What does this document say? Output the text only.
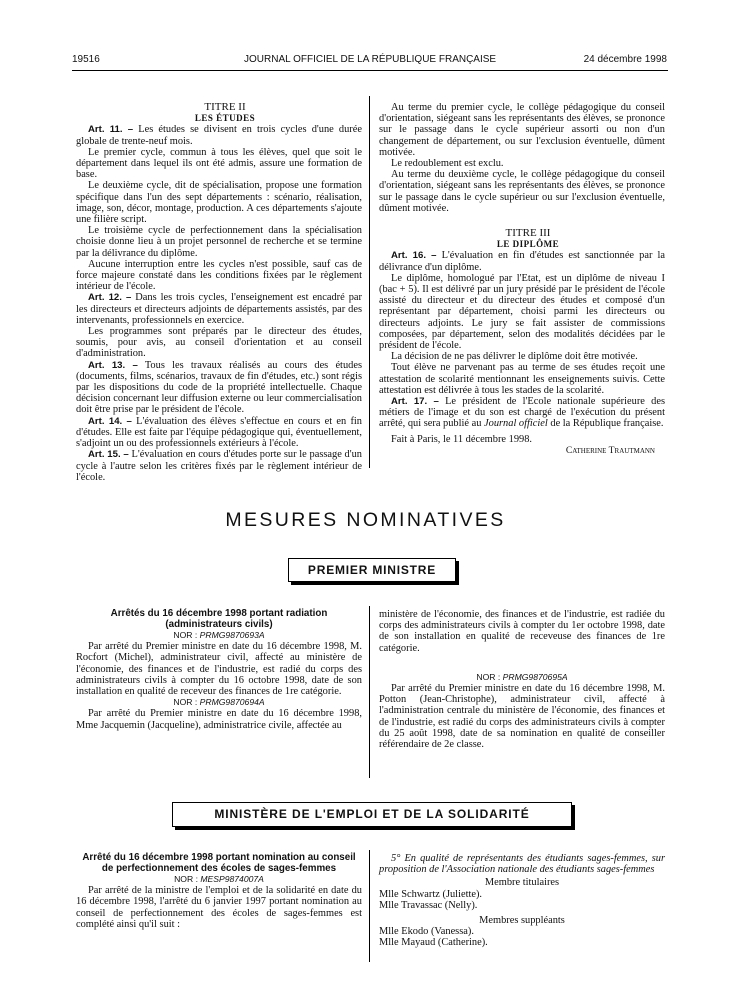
19516	JOURNAL OFFICIEL DE LA RÉPUBLIQUE FRANÇAISE	24 décembre 1998

TITRE II

LES ÉTUDES

Art. 11. – Les études se divisent en trois cycles d'une durée globale de trente-neuf mois.

Le premier cycle, commun à tous les élèves, quel que soit le département dans lequel ils ont été admis, assure une formation de base.

Le deuxième cycle, dit de spécialisation, propose une formation spécifique dans l'un des sept départements : scénario, réalisation, image, son, décor, montage, production. A ces départements s'ajoute une filière script.

Le troisième cycle de perfectionnement dans la spécialisation choisie donne lieu à un projet personnel de recherche et se termine par la délivrance du diplôme.

Aucune interruption entre les cycles n'est possible, sauf cas de force majeure constaté dans les conditions fixées par le règlement intérieur de l'école.

Art. 12. – Dans les trois cycles, l'enseignement est encadré par les directeurs et directeurs adjoints de départements assistés, par des intervenants, professionnels en exercice.

Les programmes sont préparés par le directeur des études, soumis, pour avis, au conseil d'orientation et au conseil d'administration.

Art. 13. – Tous les travaux réalisés au cours des études (documents, films, scénarios, travaux de fin d'études, etc.) sont régis par les dispositions du code de la propriété intellectuelle. Chaque décision concernant leur diffusion externe ou leur commercialisation doit être prise par le président de l'école.

Art. 14. – L'évaluation des élèves s'effectue en cours et en fin d'études. Elle est faite par l'équipe pédagogique qui, éventuellement, s'adjoint un ou des professionnels extérieurs à l'école.

Art. 15. – L'évaluation en cours d'études porte sur le passage d'un cycle à l'autre selon les critères fixés par le règlement intérieur de l'école.

Au terme du premier cycle, le collège pédagogique du conseil d'orientation, siégeant sans les représentants des élèves, se prononce sur le passage dans le cycle supérieur assorti ou non d'un changement de département, ou sur l'exclusion éventuelle, dûment motivée.

Le redoublement est exclu.

Au terme du deuxième cycle, le collège pédagogique du conseil d'orientation, siégeant sans les représentants des élèves, se prononce sur le passage dans le cycle supérieur ou sur l'exclusion éventuelle, dûment motivée.

TITRE III

LE DIPLÔME

Art. 16. – L'évaluation en fin d'études est sanctionnée par la délivrance d'un diplôme.

Le diplôme, homologué par l'Etat, est un diplôme de niveau I (bac + 5). Il est délivré par un jury présidé par le président de l'école assisté du directeur et du directeur des études et composé d'un représentant par département, choisi parmi les directeurs ou directeurs adjoints. Le jury se fait assister de commissions composées, par département, selon des modalités décidées par le président de l'école.

La décision de ne pas délivrer le diplôme doit être motivée.

Tout élève ne parvenant pas au terme de ses études reçoit une attestation de scolarité mentionnant les enseignements suivis. Cette attestation est délivrée à tous les stades de la scolarité.

Art. 17. – Le président de l'Ecole nationale supérieure des métiers de l'image et du son est chargé de l'exécution du présent arrêté, qui sera publié au Journal officiel de la République française.

Fait à Paris, le 11 décembre 1998.

Catherine Trautmann

MESURES NOMINATIVES
PREMIER MINISTRE

Arrêtés du 16 décembre 1998 portant radiation (administrateurs civils)

NOR : PRMG9870693A

Par arrêté du Premier ministre en date du 16 décembre 1998, M. Rocfort (Michel), administrateur civil, affecté au ministère de l'économie, des finances et de l'industrie, est radié du corps des administrateurs civils à compter du 16 octobre 1998, date de son installation en qualité de receveur des finances de 1re catégorie.

NOR : PRMG9870694A

Par arrêté du Premier ministre en date du 16 décembre 1998, Mme Jacquemin (Jacqueline), administratrice civile, affectée au

ministère de l'économie, des finances et de l'industrie, est radiée du corps des administrateurs civils à compter du 1er octobre 1998, date de son installation en qualité de receveuse des finances de 1re catégorie.

NOR : PRMG9870695A

Par arrêté du Premier ministre en date du 16 décembre 1998, M. Potton (Jean-Christophe), administrateur civil, affecté à l'administration centrale du ministère de l'économie, des finances et de l'industrie, est radié du corps des administrateurs civils à compter du 25 août 1998, date de sa nomination en qualité de conseiller référendaire de 2e classe.

MINISTÈRE DE L'EMPLOI ET DE LA SOLIDARITÉ

Arrêté du 16 décembre 1998 portant nomination au conseil de perfectionnement des écoles de sages-femmes

NOR : MESP9874007A

Par arrêté de la ministre de l'emploi et de la solidarité en date du 16 décembre 1998, l'arrêté du 6 janvier 1997 portant nomination au conseil de perfectionnement des écoles de sages-femmes est complété ainsi qu'il suit :

5° En qualité de représentants des étudiants sages-femmes, sur proposition de l'Association nationale des étudiants sages-femmes

Membre titulaires

Mlle Schwartz (Juliette).

Mlle Travassac (Nelly).

Membres suppléants

Mlle Ekodo (Vanessa).

Mlle Mayaud (Catherine).
